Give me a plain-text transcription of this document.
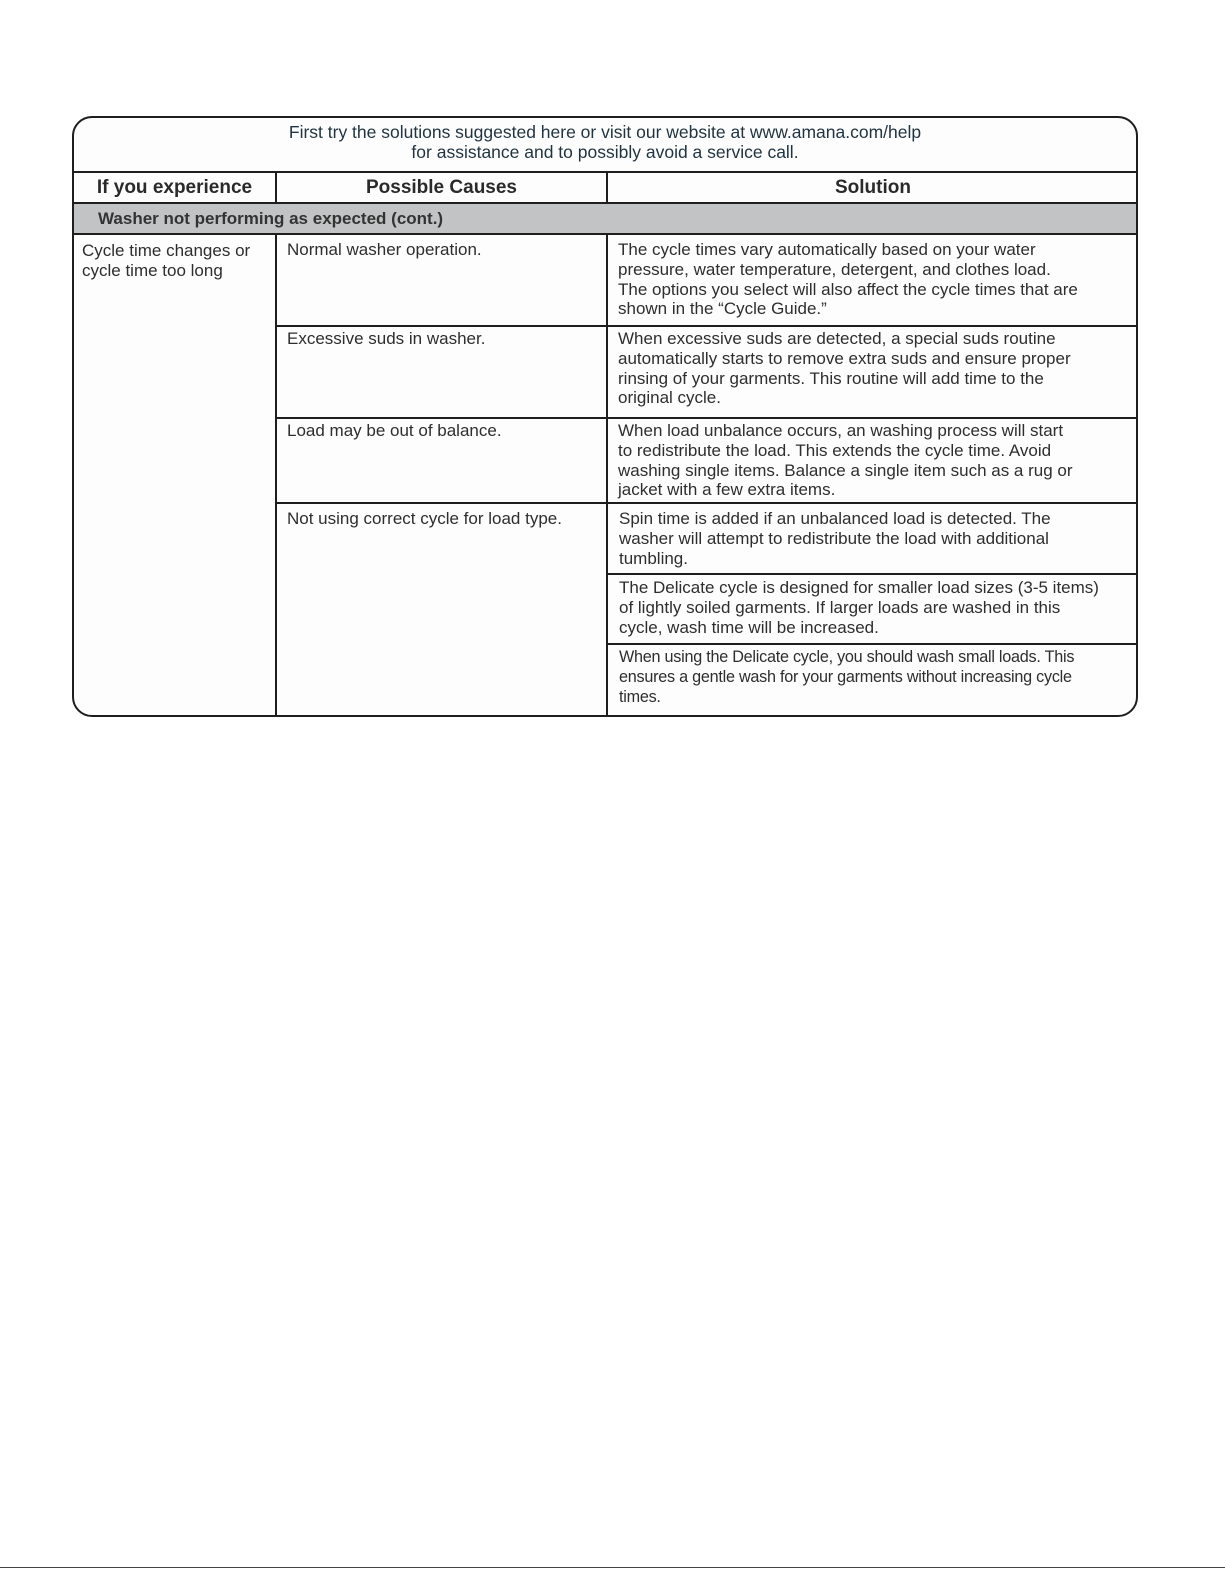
First try the solutions suggested here or visit our website at www.amana.com/help
for assistance and to possibly avoid a service call.
If you experience	Possible Causes	Solution
Washer not performing as expected (cont.)
Cycle time changes or
cycle time too long
Normal washer operation.
Excessive suds in washer.
Load may be out of balance.
Not using correct cycle for load type.
The cycle times vary automatically based on your water
pressure, water temperature, detergent, and clothes load.
The options you select will also affect the cycle times that are
shown in the “Cycle Guide.”
When excessive suds are detected, a special suds routine
automatically starts to remove extra suds and ensure proper
rinsing of your garments. This routine will add time to the
original cycle.
When load unbalance occurs, an washing process will start
to redistribute the load. This extends the cycle time. Avoid
washing single items. Balance a single item such as a rug or
jacket with a few extra items.
Spin time is added if an unbalanced load is detected. The
washer will attempt to redistribute the load with additional
tumbling.
The Delicate cycle is designed for smaller load sizes (3-5 items)
of lightly soiled garments. If larger loads are washed in this
cycle, wash time will be increased.
When using the Delicate cycle, you should wash small loads. This
ensures a gentle wash for your garments without increasing cycle
times.
